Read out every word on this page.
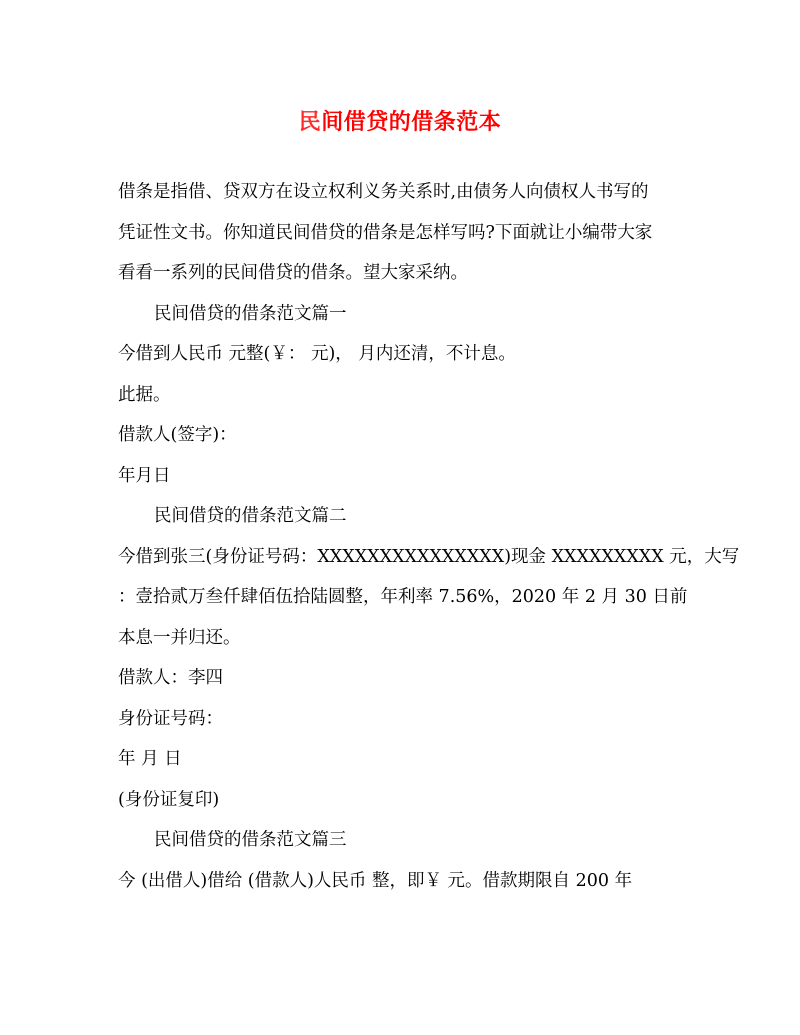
民间借贷的借条范本
借条是指借、贷双方在设立权利义务关系时,由债务人向债权人书写的
凭证性文书。你知道民间借贷的借条是怎样写吗?下面就让小编带大家
看看一系列的民间借贷的借条。望大家采纳。
民间借贷的借条范文篇一
今借到人民币 元整(￥： 元)， 月内还清，不计息。
此据。
借款人(签字)：
年月日
民间借贷的借条范文篇二
今借到张三(身份证号码：XXXXXXXXXXXXXXX)现金 XXXXXXXXX 元，大写
：壹拾贰万叁仟肆佰伍拾陆圆整，年利率 7.56%，2020 年 2 月 30 日前
本息一并归还。
借款人：李四
身份证号码：
年 月 日
(身份证复印)
民间借贷的借条范文篇三
今 (出借人)借给 (借款人)人民币 整，即￥ 元。借款期限自 200 年
